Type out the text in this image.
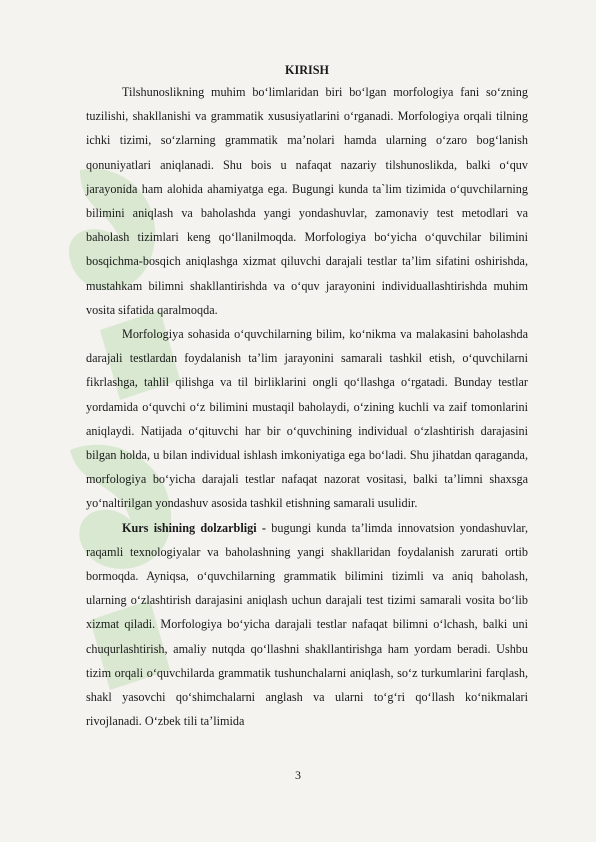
KIRISH

Tilshunoslikning muhim bo‘limlaridan biri bo‘lgan morfologiya fani so‘zning tuzilishi, shakllanishi va grammatik xususiyatlarini o‘rganadi. Morfologiya orqali tilning ichki tizimi, so‘zlarning grammatik ma’nolari hamda ularning o‘zaro bog‘lanish qonuniyatlari aniqlanadi. Shu bois u nafaqat nazariy tilshunoslikda, balki o‘quv jarayonida ham alohida ahamiyatga ega. Bugungi kunda ta`lim tizimida o‘quvchilarning bilimini aniqlash va baholashda yangi yondashuvlar, zamonaviy test metodlari va baholash tizimlari keng qo‘llanilmoqda. Morfologiya bo‘yicha o‘quvchilar bilimini bosqichma-bosqich aniqlashga xizmat qiluvchi darajali testlar ta’lim sifatini oshirishda, mustahkam bilimni shakllantirishda va o‘quv jarayonini individuallashtirishda muhim vosita sifatida qaralmoqda.

Morfologiya sohasida o‘quvchilarning bilim, ko‘nikma va malakasini baholashda darajali testlardan foydalanish ta’lim jarayonini samarali tashkil etish, o‘quvchilarni fikrlashga, tahlil qilishga va til birliklarini ongli qo‘llashga o‘rgatadi. Bunday testlar yordamida o‘quvchi o‘z bilimini mustaqil baholaydi, o‘zining kuchli va zaif tomonlarini aniqlaydi. Natijada o‘qituvchi har bir o‘quvchining individual o‘zlashtirish darajasini bilgan holda, u bilan individual ishlash imkoniyatiga ega bo‘ladi. Shu jihatdan qaraganda, morfologiya bo‘yicha darajali testlar nafaqat nazorat vositasi, balki ta’limni shaxsga yo‘naltirilgan yondashuv asosida tashkil etishning samarali usulidir.

Kurs ishining dolzarbligi - bugungi kunda ta’limda innovatsion yondashuvlar, raqamli texnologiyalar va baholashning yangi shakllaridan foydalanish zarurati ortib bormoqda. Ayniqsa, o‘quvchilarning grammatik bilimini tizimli va aniq baholash, ularning o‘zlashtirish darajasini aniqlash uchun darajali test tizimi samarali vosita bo‘lib xizmat qiladi. Morfologiya bo‘yicha darajali testlar nafaqat bilimni o‘lchash, balki uni chuqurlashtirish, amaliy nutqda qo‘llashni shakllantirishga ham yordam beradi. Ushbu tizim orqali o‘quvchilarda grammatik tushunchalarni aniqlash, so‘z turkumlarini farqlash, shakl yasovchi qo‘shimchalarni anglash va ularni to‘g‘ri qo‘llash ko‘nikmalari rivojlanadi. O‘zbek tili ta’limida

3
